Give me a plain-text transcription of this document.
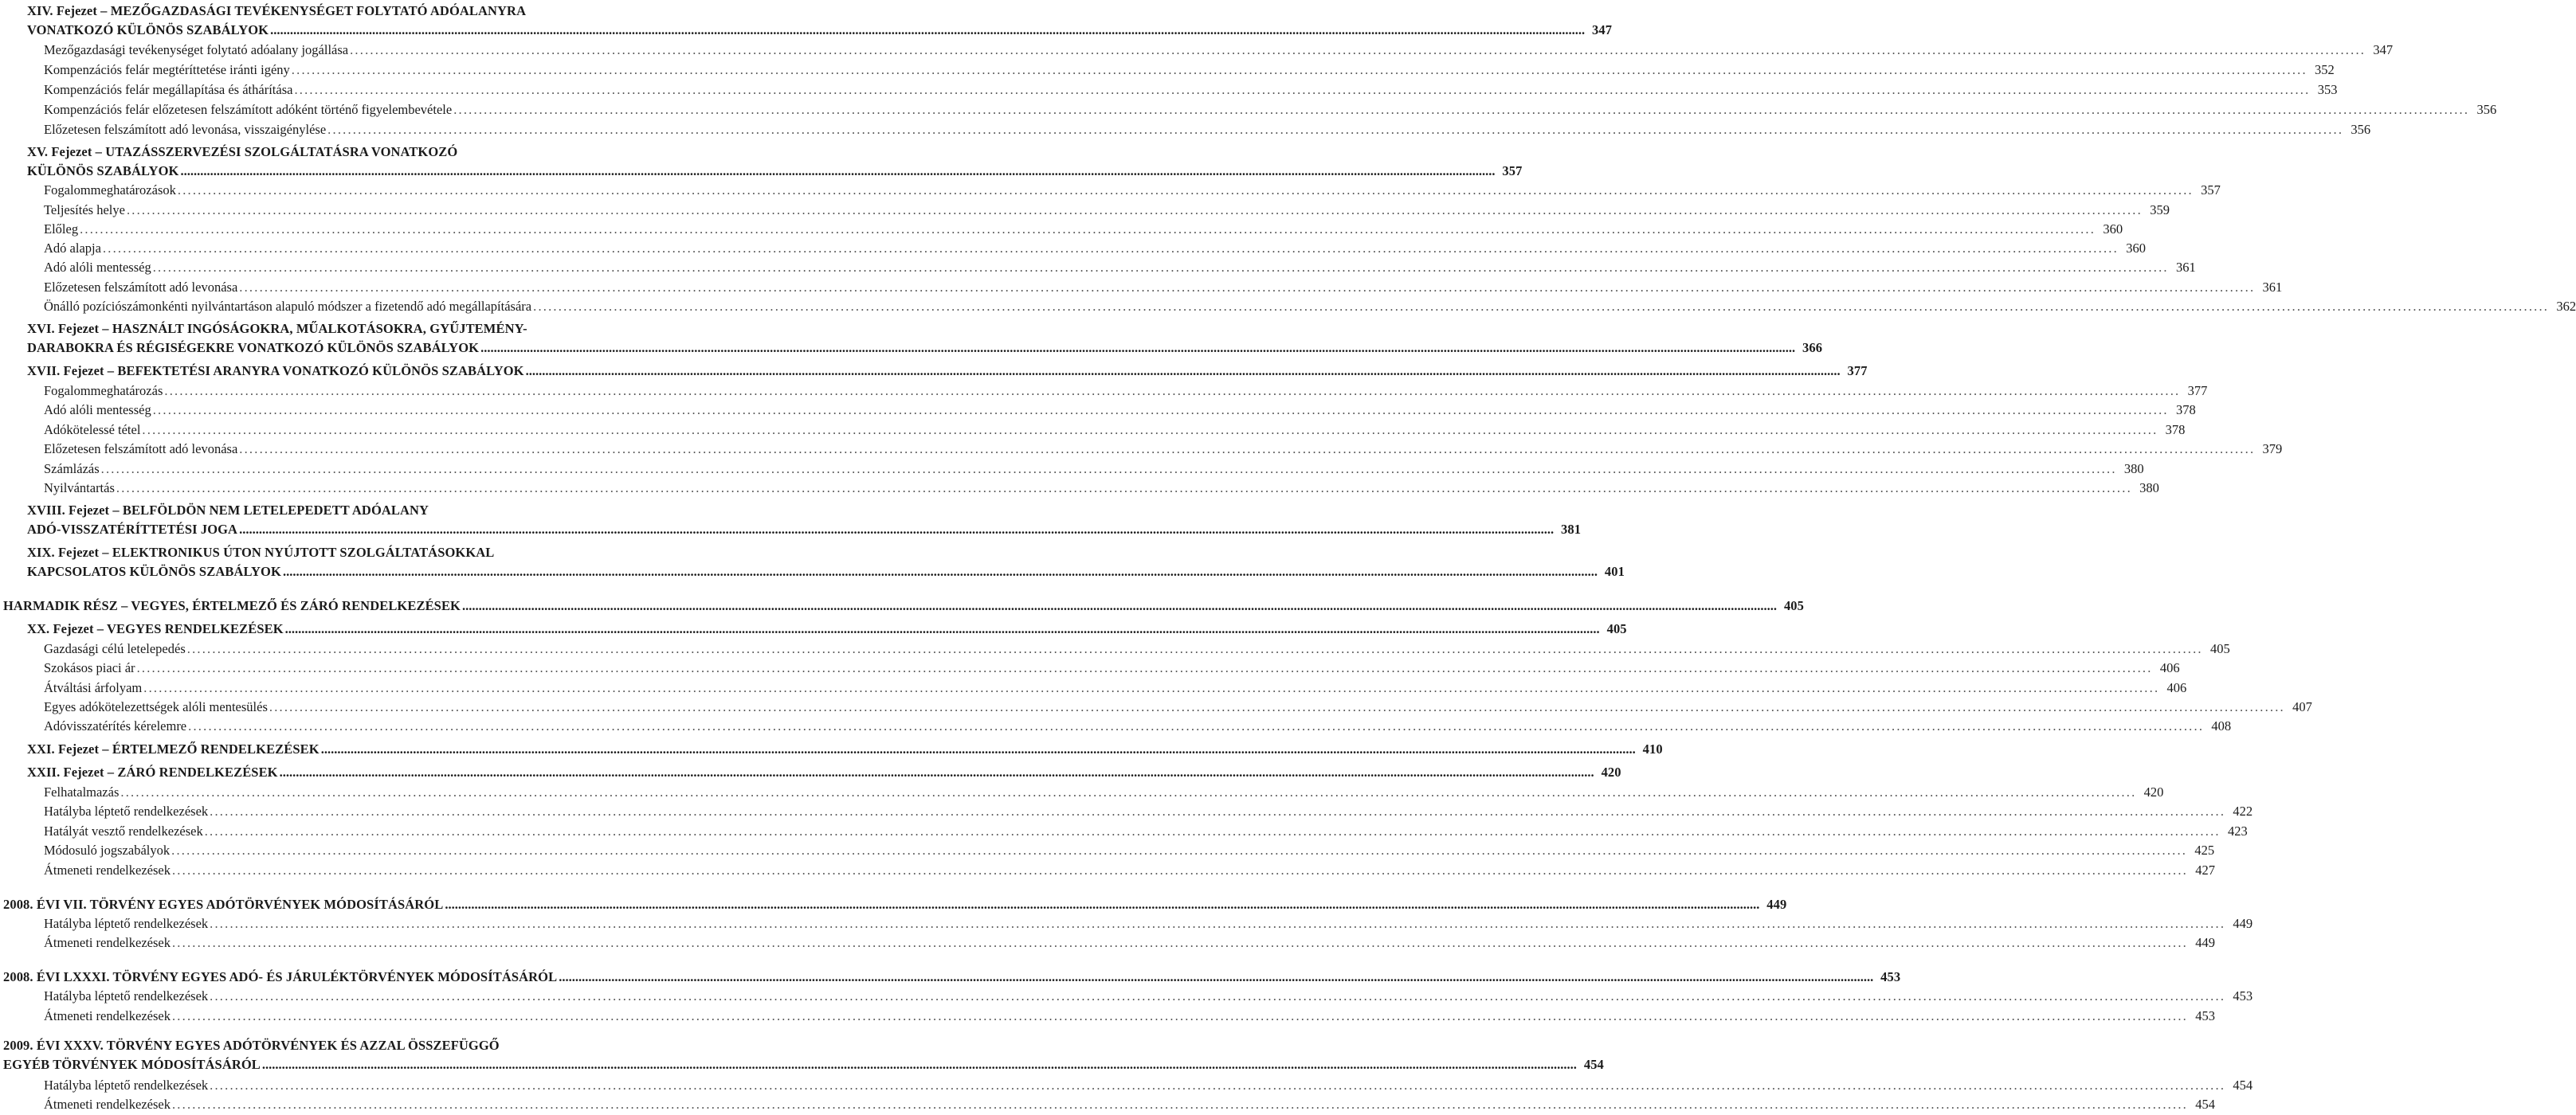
XIV. Fejezet – MEZŐGAZDASÁGI TEVÉKENYSÉGET FOLYTATÓ ADÓALANYRA
VONATKOZÓ KÜLÖNÖS SZABÁLYOK ................................................................................................................................................................................................................................................................................................................................................................................................................ 347
Mezőgazdasági tevékenységet folytató adóalany jogállása ................................................................................................................................................................................................................................................................................................................................................................................................................ 347
Kompenzációs felár megtéríttetése iránti igény ................................................................................................................................................................................................................................................................................................................................................................................................................ 352
Kompenzációs felár megállapítása és áthárítása ................................................................................................................................................................................................................................................................................................................................................................................................................ 353
Kompenzációs felár előzetesen felszámított adóként történő figyelembevétele ................................................................................................................................................................................................................................................................................................................................................................................................................ 356
Előzetesen felszámított adó levonása, visszaigénylése ................................................................................................................................................................................................................................................................................................................................................................................................................ 356
XV. Fejezet – UTAZÁSSZERVEZÉSI SZOLGÁLTATÁSRA VONATKOZÓ
KÜLÖNÖS SZABÁLYOK ................................................................................................................................................................................................................................................................................................................................................................................................................ 357
Fogalommeghatározások ................................................................................................................................................................................................................................................................................................................................................................................................................ 357
Teljesítés helye ................................................................................................................................................................................................................................................................................................................................................................................................................ 359
Előleg ................................................................................................................................................................................................................................................................................................................................................................................................................ 360
Adó alapja ................................................................................................................................................................................................................................................................................................................................................................................................................ 360
Adó alóli mentesség ................................................................................................................................................................................................................................................................................................................................................................................................................ 361
Előzetesen felszámított adó levonása ................................................................................................................................................................................................................................................................................................................................................................................................................ 361
Önálló pozíciószámonkénti nyilvántartáson alapuló módszer a fizetendő adó megállapítására ................................................................................................................................................................................................................................................................................................................................................................................................................ 362
XVI. Fejezet – HASZNÁLT INGÓSÁGOKRA, MŰALKOTÁSOKRA, GYŰJTEMÉNY-
DARABOKRA ÉS RÉGISÉGEKRE VONATKOZÓ KÜLÖNÖS SZABÁLYOK ................................................................................................................................................................................................................................................................................................................................................................................................................ 366
XVII. Fejezet – BEFEKTETÉSI ARANYRA VONATKOZÓ KÜLÖNÖS SZABÁLYOK ................................................................................................................................................................................................................................................................................................................................................................................................................ 377
Fogalommeghatározás ................................................................................................................................................................................................................................................................................................................................................................................................................ 377
Adó alóli mentesség ................................................................................................................................................................................................................................................................................................................................................................................................................ 378
Adókötelessé tétel ................................................................................................................................................................................................................................................................................................................................................................................................................ 378
Előzetesen felszámított adó levonása ................................................................................................................................................................................................................................................................................................................................................................................................................ 379
Számlázás ................................................................................................................................................................................................................................................................................................................................................................................................................ 380
Nyilvántartás ................................................................................................................................................................................................................................................................................................................................................................................................................ 380
XVIII. Fejezet – BELFÖLDÖN NEM LETELEPEDETT ADÓALANY
ADÓ-VISSZATÉRÍTTETÉSI JOGA ................................................................................................................................................................................................................................................................................................................................................................................................................ 381
XIX. Fejezet – ELEKTRONIKUS ÚTON NYÚJTOTT SZOLGÁLTATÁSOKKAL
KAPCSOLATOS KÜLÖNÖS SZABÁLYOK ................................................................................................................................................................................................................................................................................................................................................................................................................ 401
HARMADIK RÉSZ – VEGYES, ÉRTELMEZŐ ÉS ZÁRÓ RENDELKEZÉSEK ................................................................................................................................................................................................................................................................................................................................................................................................................ 405
XX. Fejezet – VEGYES RENDELKEZÉSEK ................................................................................................................................................................................................................................................................................................................................................................................................................ 405
Gazdasági célú letelepedés ................................................................................................................................................................................................................................................................................................................................................................................................................ 405
Szokásos piaci ár ................................................................................................................................................................................................................................................................................................................................................................................................................ 406
Átváltási árfolyam ................................................................................................................................................................................................................................................................................................................................................................................................................ 406
Egyes adókötelezettségek alóli mentesülés ................................................................................................................................................................................................................................................................................................................................................................................................................ 407
Adóvisszatérítés kérelemre ................................................................................................................................................................................................................................................................................................................................................................................................................ 408
XXI. Fejezet – ÉRTELMEZŐ RENDELKEZÉSEK ................................................................................................................................................................................................................................................................................................................................................................................................................ 410
XXII. Fejezet – ZÁRÓ RENDELKEZÉSEK ................................................................................................................................................................................................................................................................................................................................................................................................................ 420
Felhatalmazás ................................................................................................................................................................................................................................................................................................................................................................................................................ 420
Hatályba léptető rendelkezések ................................................................................................................................................................................................................................................................................................................................................................................................................ 422
Hatályát vesztő rendelkezések ................................................................................................................................................................................................................................................................................................................................................................................................................ 423
Módosuló jogszabályok ................................................................................................................................................................................................................................................................................................................................................................................................................ 425
Átmeneti rendelkezések ................................................................................................................................................................................................................................................................................................................................................................................................................ 427
2008. ÉVI VII. TÖRVÉNY EGYES ADÓTÖRVÉNYEK MÓDOSÍTÁSÁRÓL ................................................................................................................................................................................................................................................................................................................................................................................................................ 449
Hatályba léptető rendelkezések ................................................................................................................................................................................................................................................................................................................................................................................................................ 449
Átmeneti rendelkezések ................................................................................................................................................................................................................................................................................................................................................................................................................ 449
2008. ÉVI LXXXI. TÖRVÉNY EGYES ADÓ- ÉS JÁRULÉKTÖRVÉNYEK MÓDOSÍTÁSÁRÓL ................................................................................................................................................................................................................................................................................................................................................................................................................ 453
Hatályba léptető rendelkezések ................................................................................................................................................................................................................................................................................................................................................................................................................ 453
Átmeneti rendelkezések ................................................................................................................................................................................................................................................................................................................................................................................................................ 453
2009. ÉVI XXXV. TÖRVÉNY EGYES ADÓTÖRVÉNYEK ÉS AZZAL ÖSSZEFÜGGŐ
EGYÉB TÖRVÉNYEK MÓDOSÍTÁSÁRÓL ................................................................................................................................................................................................................................................................................................................................................................................................................ 454
Hatályba léptető rendelkezések ................................................................................................................................................................................................................................................................................................................................................................................................................ 454
Átmeneti rendelkezések ................................................................................................................................................................................................................................................................................................................................................................................................................ 454
